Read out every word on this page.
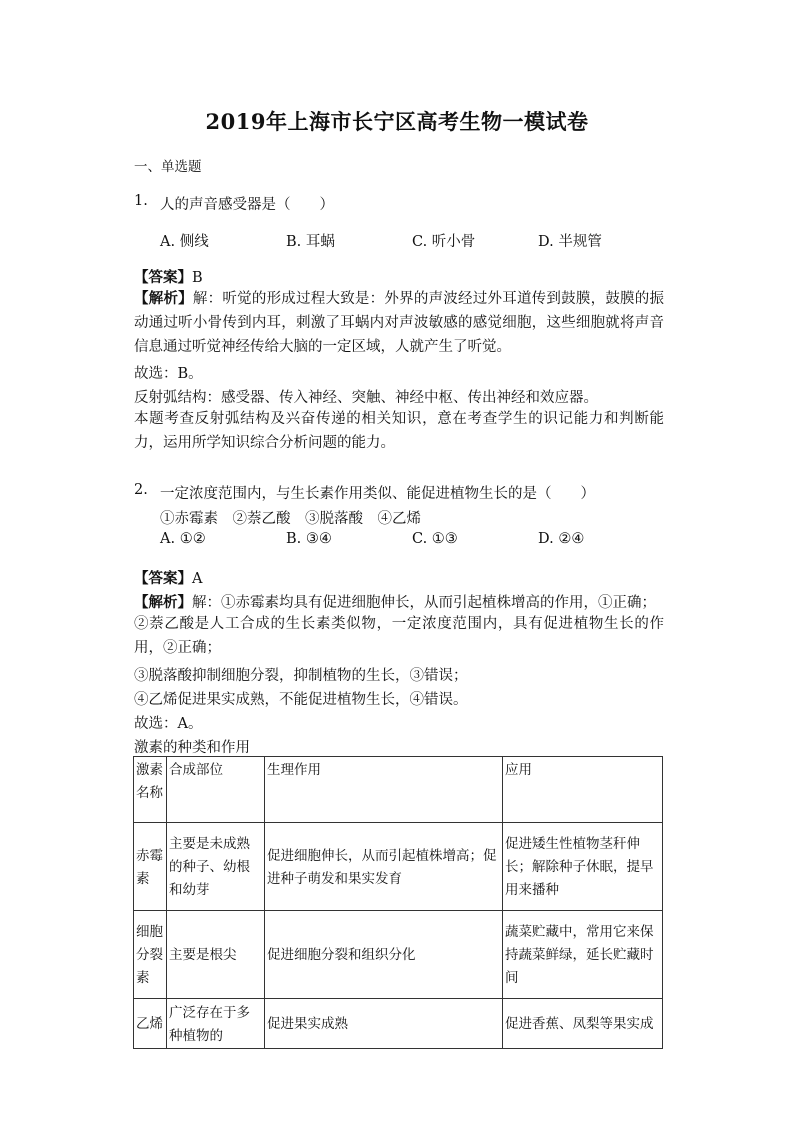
2019年上海市长宁区高考生物一模试卷
一、单选题
1. 人的声音感受器是（　　）
A. 侧线	B. 耳蜗	C. 听小骨	D. 半规管
【答案】B
【解析】解：听觉的形成过程大致是：外界的声波经过外耳道传到鼓膜，鼓膜的振动通过听小骨传到内耳，刺激了耳蜗内对声波敏感的感觉细胞，这些细胞就将声音信息通过听觉神经传给大脑的一定区域，人就产生了听觉。
故选：B。
反射弧结构：感受器、传入神经、突触、神经中枢、传出神经和效应器。
本题考查反射弧结构及兴奋传递的相关知识，意在考查学生的识记能力和判断能力，运用所学知识综合分析问题的能力。
2. 一定浓度范围内，与生长素作用类似、能促进植物生长的是（　　）
①赤霉素　②萘乙酸　③脱落酸　④乙烯
A. ①②	B. ③④	C. ①③	D. ②④
【答案】A
【解析】解：①赤霉素均具有促进细胞伸长，从而引起植株增高的作用，①正确；
②萘乙酸是人工合成的生长素类似物，一定浓度范围内，具有促进植物生长的作用，②正确；
③脱落酸抑制细胞分裂，抑制植物的生长，③错误；
④乙烯促进果实成熟，不能促进植物生长，④错误。
故选：A。
激素的种类和作用
激素名称	合成部位	生理作用	应用
赤霉素	主要是未成熟的种子、幼根和幼芽	促进细胞伸长，从而引起植株增高；促进种子萌发和果实发育	促进矮生性植物茎秆伸长；解除种子休眠，提早用来播种
细胞分裂素	主要是根尖	促进细胞分裂和组织分化	蔬菜贮藏中，常用它来保持蔬菜鲜绿，延长贮藏时间
乙烯	广泛存在于多种植物的	促进果实成熟	促进香蕉、凤梨等果实成
